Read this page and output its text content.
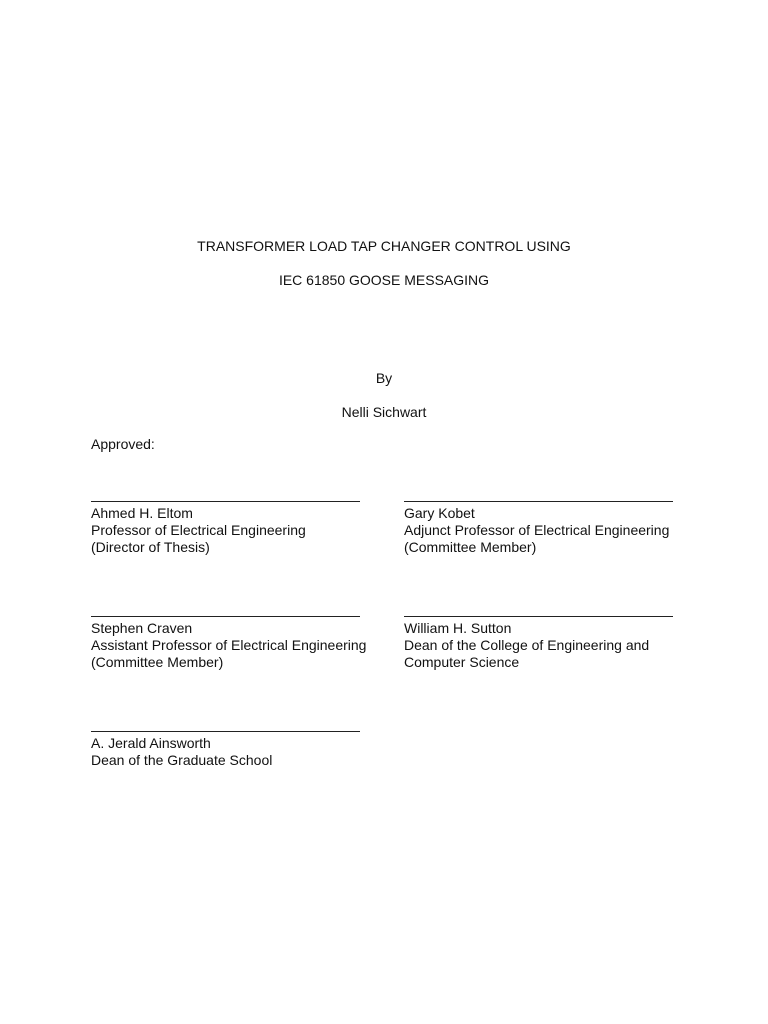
TRANSFORMER LOAD TAP CHANGER CONTROL USING
IEC 61850 GOOSE MESSAGING
By
Nelli Sichwart
Approved:
Ahmed H. Eltom
Professor of Electrical Engineering
(Director of Thesis)
Gary Kobet
Adjunct Professor of Electrical Engineering
(Committee Member)
Stephen Craven
Assistant Professor of Electrical Engineering
(Committee Member)
William H. Sutton
Dean of the College of Engineering and
Computer Science
A. Jerald Ainsworth
Dean of the Graduate School
